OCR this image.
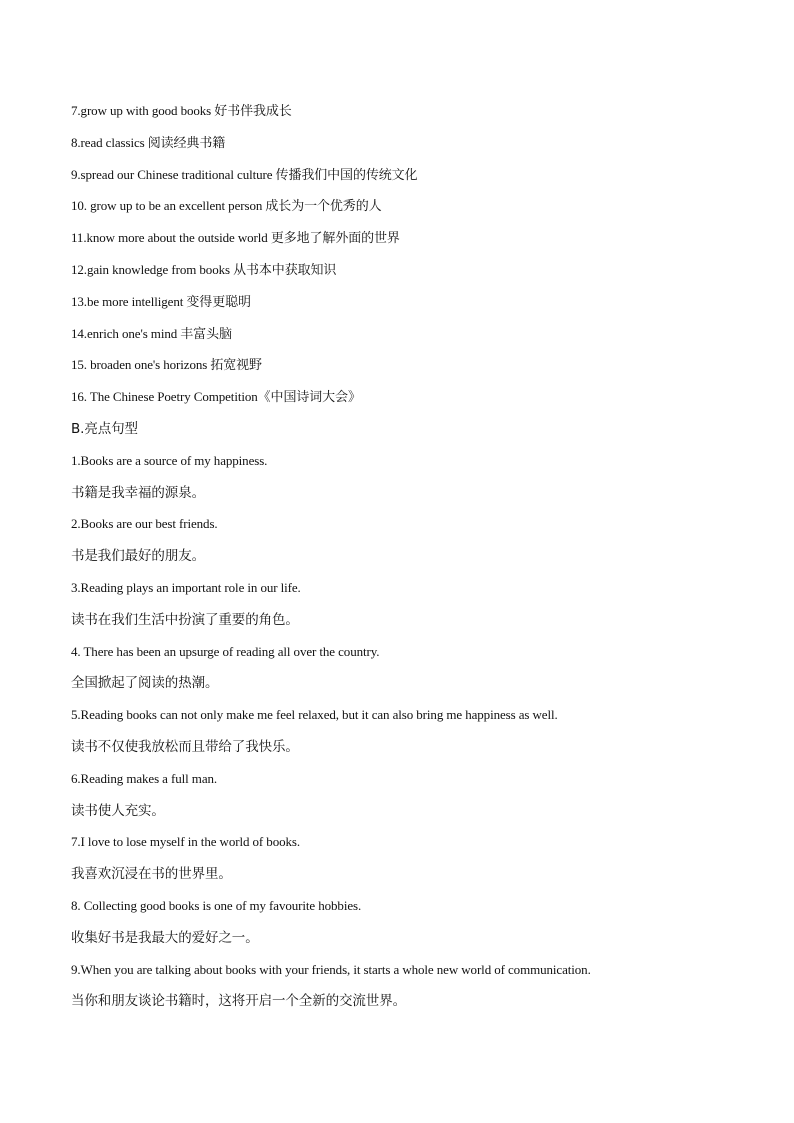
7.grow up with good books 好书伴我成长
8.read classics 阅读经典书籍
9.spread our Chinese traditional culture 传播我们中国的传统文化
10. grow up to be an excellent person 成长为一个优秀的人
11.know more about the outside world 更多地了解外面的世界
12.gain knowledge from books 从书本中获取知识
13.be more intelligent 变得更聪明
14.enrich one's mind 丰富头脑
15. broaden one's horizons 拓宽视野
16. The Chinese Poetry Competition《中国诗词大会》
B.亮点句型
1.Books are a source of my happiness.
书籍是我幸福的源泉。
2.Books are our best friends.
书是我们最好的朋友。
3.Reading plays an important role in our life.
读书在我们生活中扮演了重要的角色。
4. There has been an upsurge of reading all over the country.
全国掀起了阅读的热潮。
5.Reading books can not only make me feel relaxed, but it can also bring me happiness as well.
读书不仅使我放松而且带给了我快乐。
6.Reading makes a full man.
读书使人充实。
7.I love to lose myself in the world of books.
我喜欢沉浸在书的世界里。
8. Collecting good books is one of my favourite hobbies.
收集好书是我最大的爱好之一。
9.When you are talking about books with your friends, it starts a whole new world of communication.
当你和朋友谈论书籍时，这将开启一个全新的交流世界。
